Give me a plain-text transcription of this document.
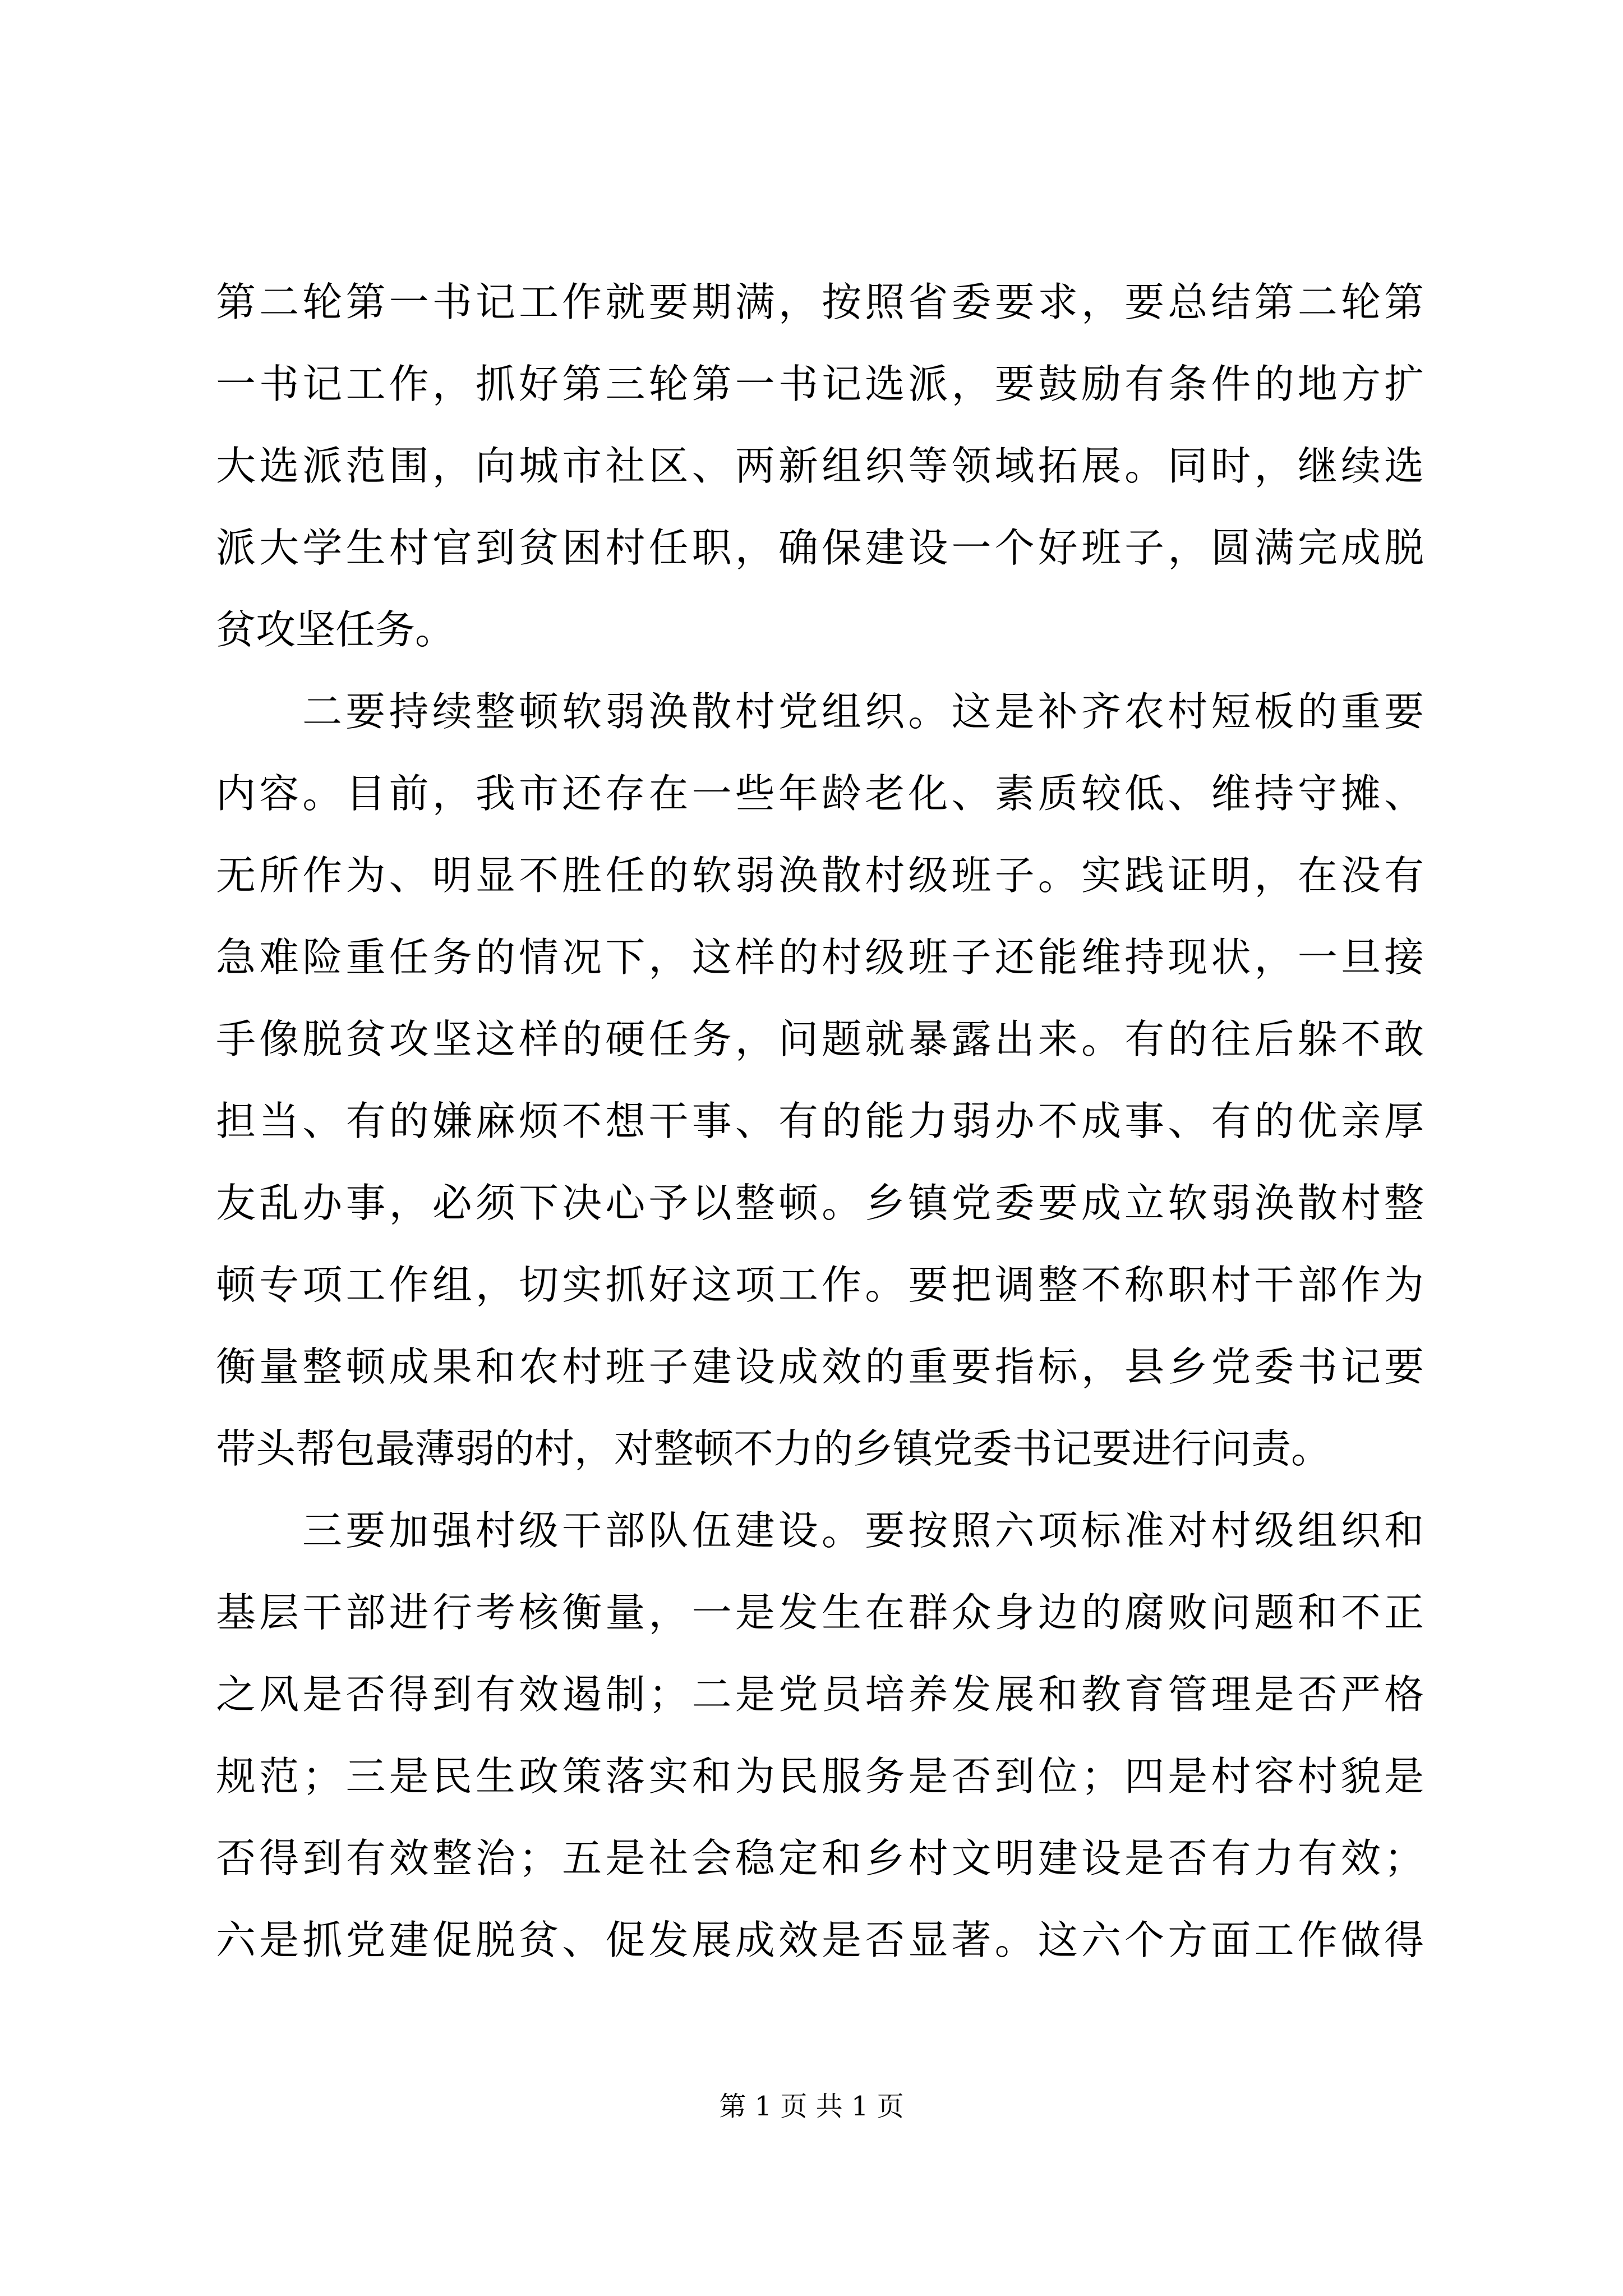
第二轮第一书记工作就要期满，按照省委要求，要总结第二轮第
一书记工作，抓好第三轮第一书记选派，要鼓励有条件的地方扩
大选派范围，向城市社区、两新组织等领域拓展。同时，继续选
派大学生村官到贫困村任职，确保建设一个好班子，圆满完成脱
贫攻坚任务。
二要持续整顿软弱涣散村党组织。这是补齐农村短板的重要
内容。目前，我市还存在一些年龄老化、素质较低、维持守摊、
无所作为、明显不胜任的软弱涣散村级班子。实践证明，在没有
急难险重任务的情况下，这样的村级班子还能维持现状，一旦接
手像脱贫攻坚这样的硬任务，问题就暴露出来。有的往后躲不敢
担当、有的嫌麻烦不想干事、有的能力弱办不成事、有的优亲厚
友乱办事，必须下决心予以整顿。乡镇党委要成立软弱涣散村整
顿专项工作组，切实抓好这项工作。要把调整不称职村干部作为
衡量整顿成果和农村班子建设成效的重要指标，县乡党委书记要
带头帮包最薄弱的村，对整顿不力的乡镇党委书记要进行问责。
三要加强村级干部队伍建设。要按照六项标准对村级组织和
基层干部进行考核衡量，一是发生在群众身边的腐败问题和不正
之风是否得到有效遏制；二是党员培养发展和教育管理是否严格
规范；三是民生政策落实和为民服务是否到位；四是村容村貌是
否得到有效整治；五是社会稳定和乡村文明建设是否有力有效；
六是抓党建促脱贫、促发展成效是否显著。这六个方面工作做得
第 1 页 共 1 页
